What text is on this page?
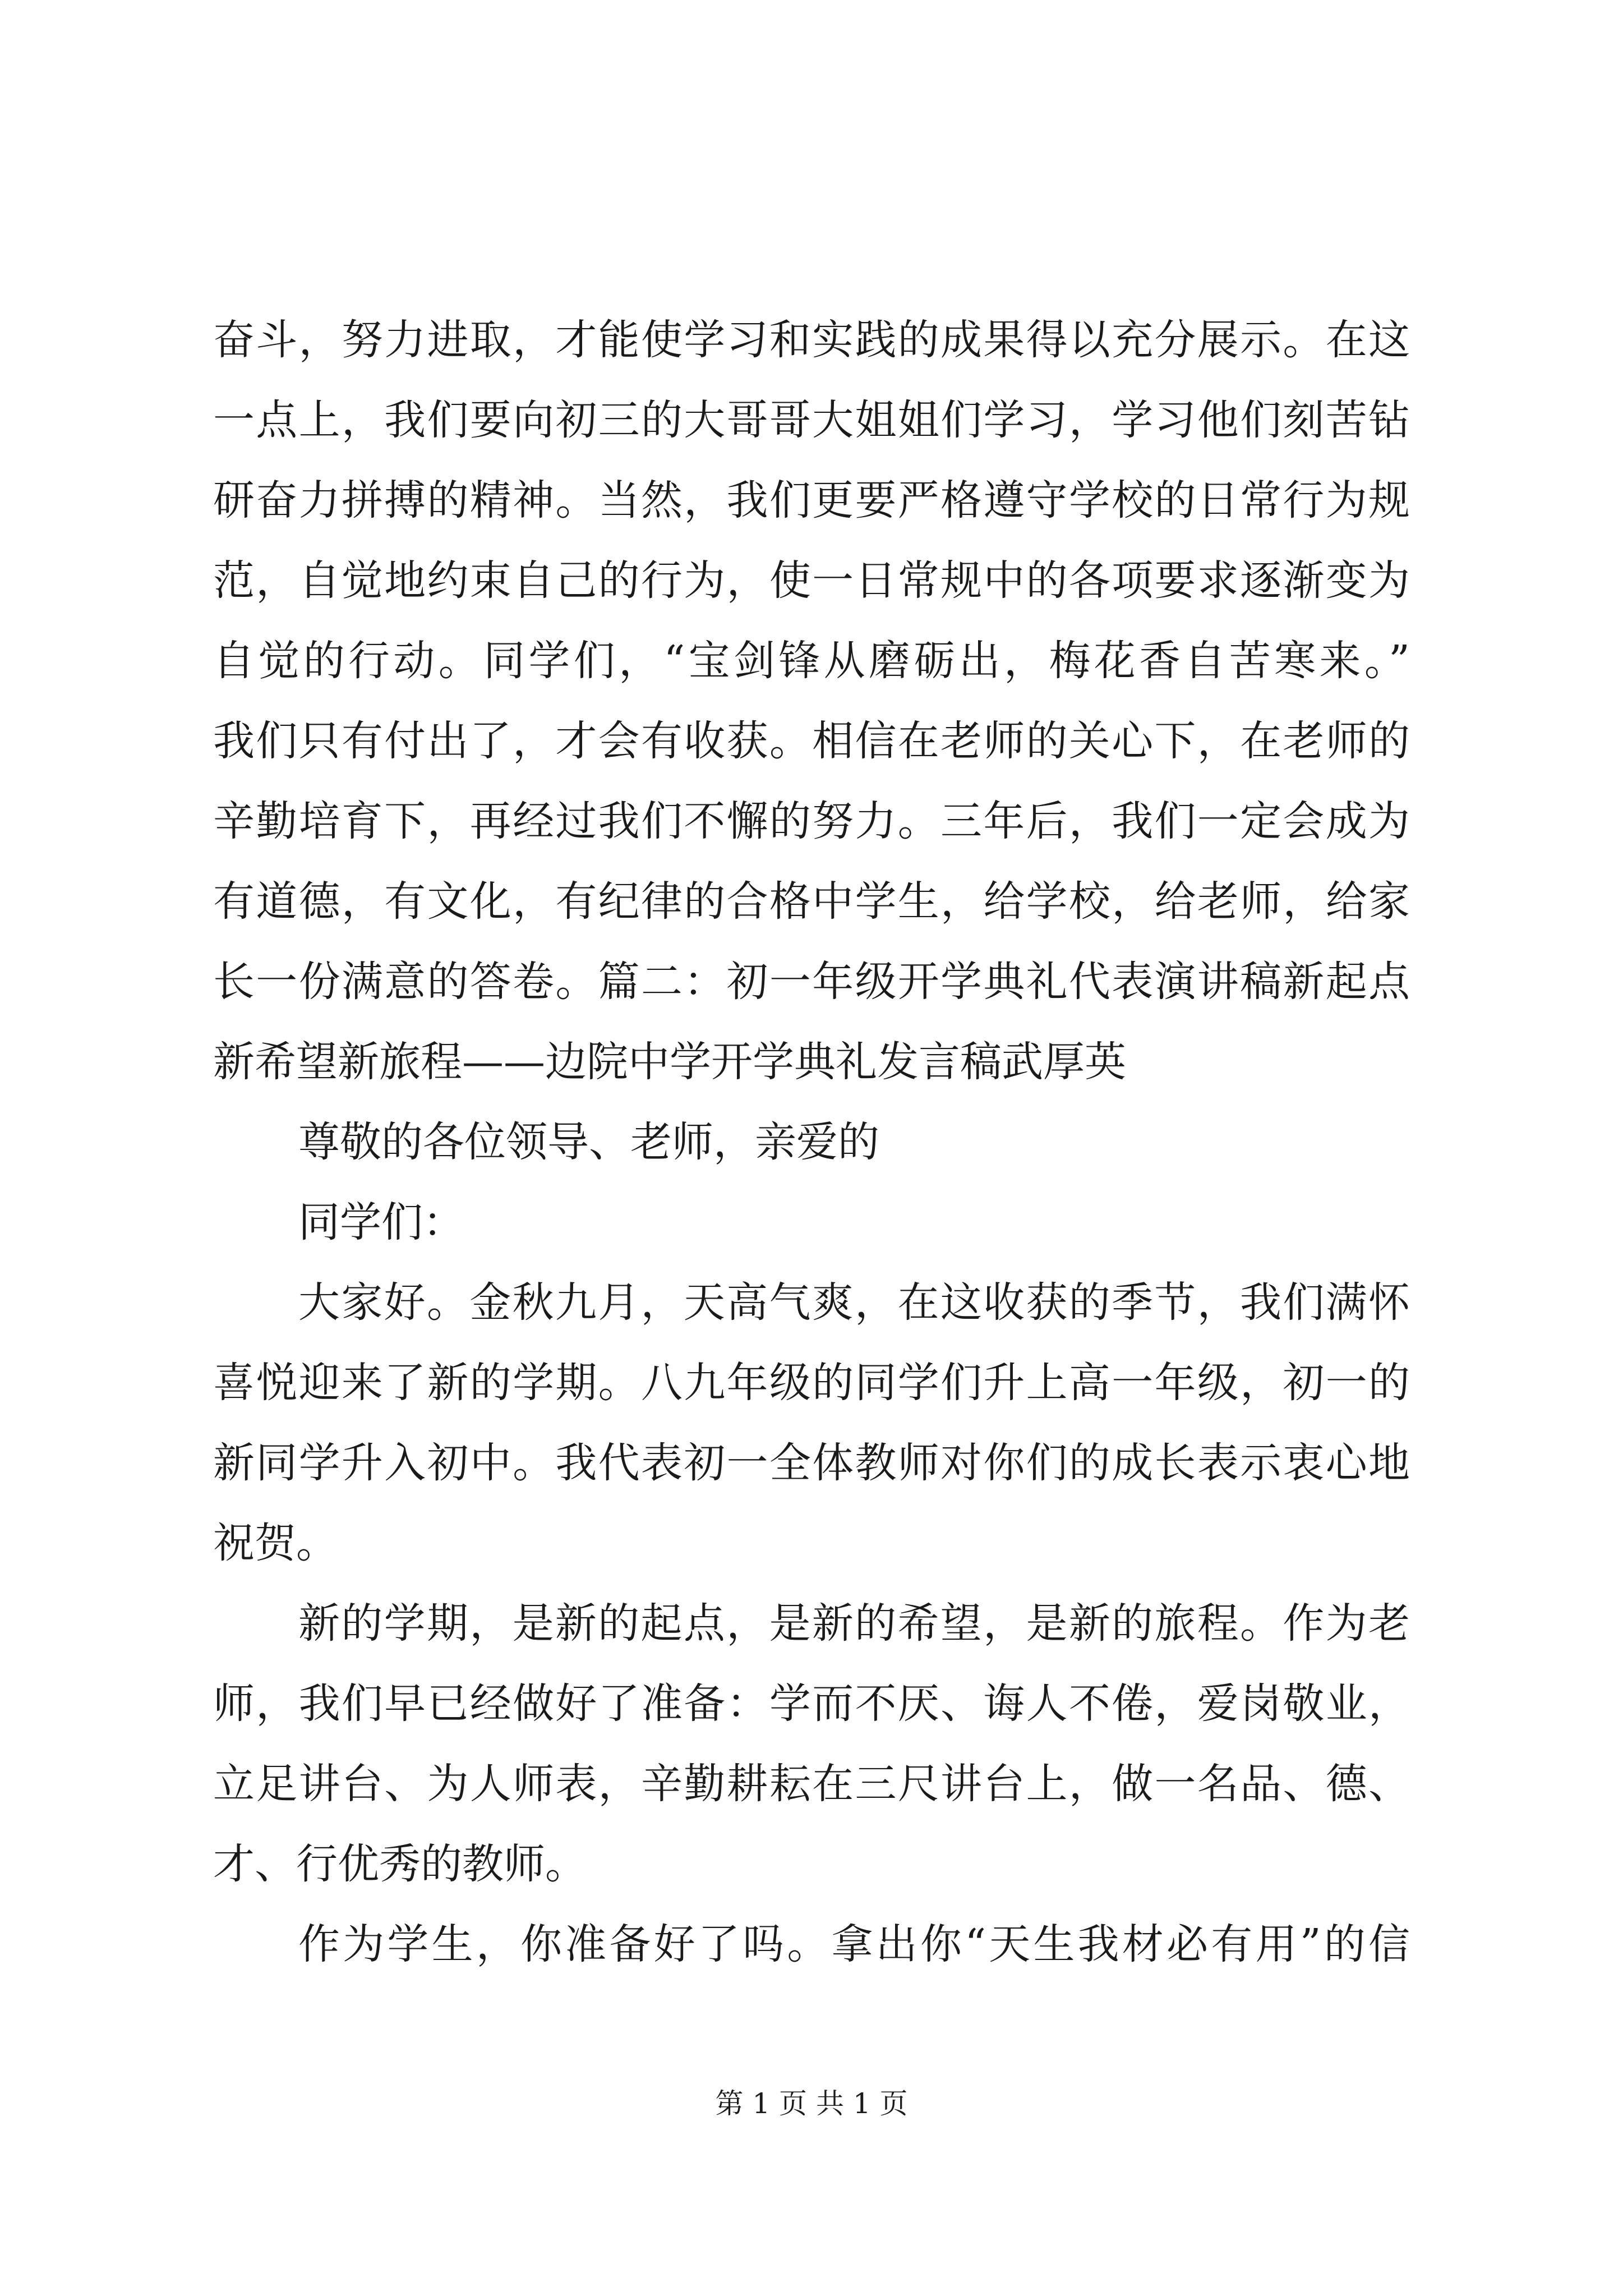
奋斗，努力进取，才能使学习和实践的成果得以充分展示。在这
一点上，我们要向初三的大哥哥大姐姐们学习，学习他们刻苦钻
研奋力拼搏的精神。当然，我们更要严格遵守学校的日常行为规
范，自觉地约束自己的行为，使一日常规中的各项要求逐渐变为
自觉的行动。同学们，“宝剑锋从磨砺出，梅花香自苦寒来。”
我们只有付出了，才会有收获。相信在老师的关心下，在老师的
辛勤培育下，再经过我们不懈的努力。三年后，我们一定会成为
有道德，有文化，有纪律的合格中学生，给学校，给老师，给家
长一份满意的答卷。篇二：初一年级开学典礼代表演讲稿新起点
新希望新旅程——边院中学开学典礼发言稿武厚英
尊敬的各位领导、老师，亲爱的
同学们：
大家好。金秋九月，天高气爽，在这收获的季节，我们满怀
喜悦迎来了新的学期。八九年级的同学们升上高一年级，初一的
新同学升入初中。我代表初一全体教师对你们的成长表示衷心地
祝贺。
新的学期，是新的起点，是新的希望，是新的旅程。作为老
师，我们早已经做好了准备：学而不厌、诲人不倦，爱岗敬业，
立足讲台、为人师表，辛勤耕耘在三尺讲台上，做一名品、德、
才、行优秀的教师。
作为学生，你准备好了吗。拿出你“天生我材必有用”的信
第 1 页 共 1 页
